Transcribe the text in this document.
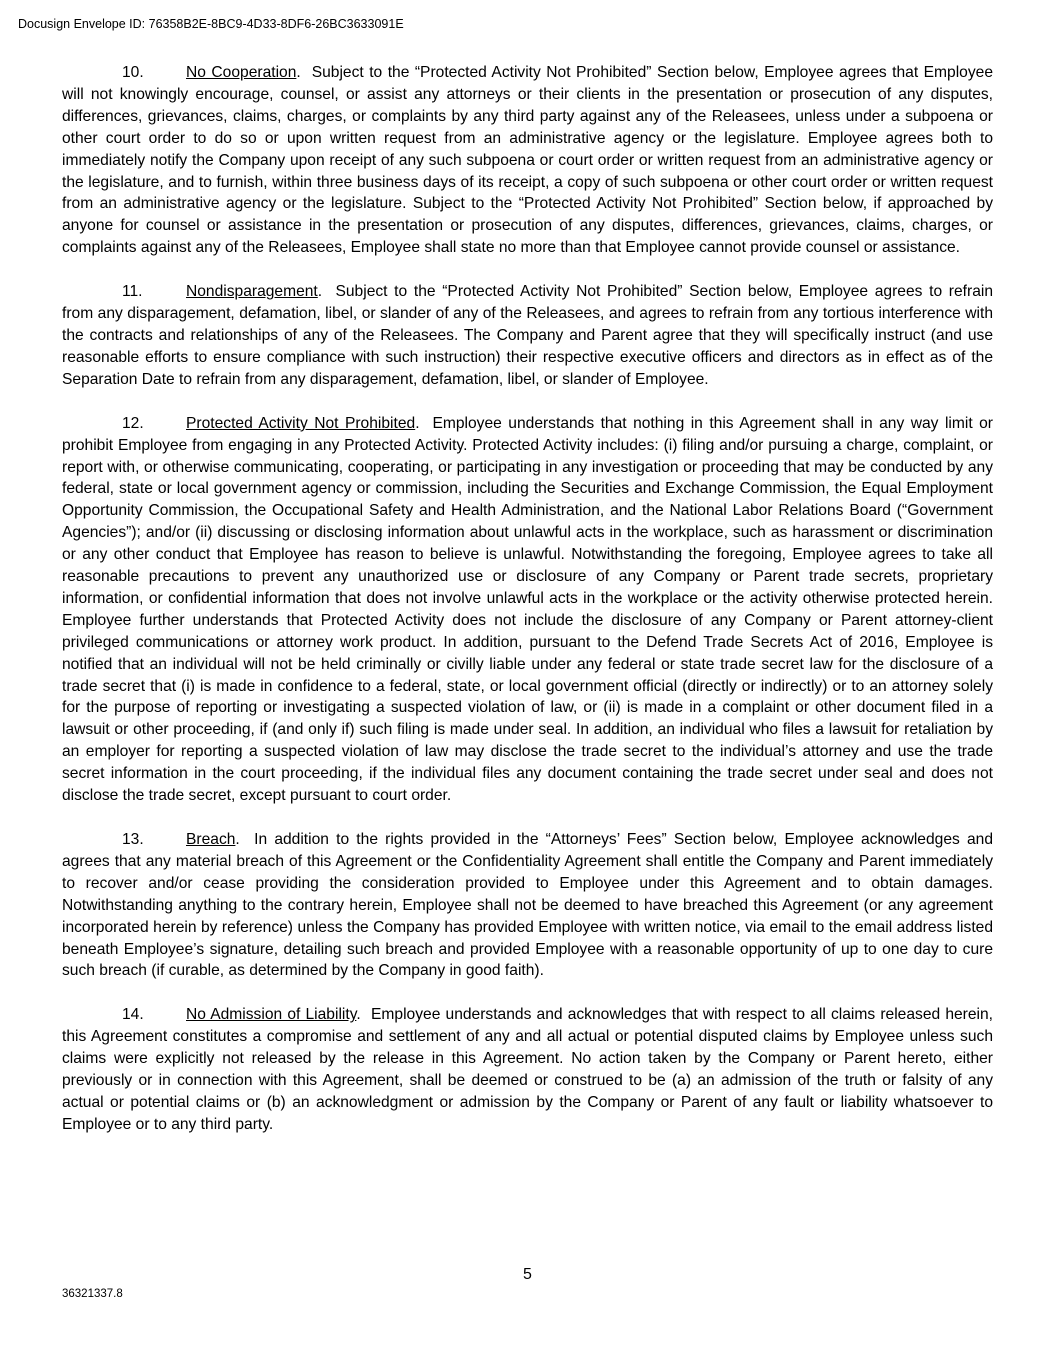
Docusign Envelope ID: 76358B2E-8BC9-4D33-8DF6-26BC3633091E

10.	No Cooperation.  Subject to the “Protected Activity Not Prohibited” Section below, Employee agrees that Employee will not knowingly encourage, counsel, or assist any attorneys or their clients in the presentation or prosecution of any disputes, differences, grievances, claims, charges, or complaints by any third party against any of the Releasees, unless under a subpoena or other court order to do so or upon written request from an administrative agency or the legislature. Employee agrees both to immediately notify the Company upon receipt of any such subpoena or court order or written request from an administrative agency or the legislature, and to furnish, within three business days of its receipt, a copy of such subpoena or other court order or written request from an administrative agency or the legislature. Subject to the “Protected Activity Not Prohibited” Section below, if approached by anyone for counsel or assistance in the presentation or prosecution of any disputes, differences, grievances, claims, charges, or complaints against any of the Releasees, Employee shall state no more than that Employee cannot provide counsel or assistance.

11.	Nondisparagement.  Subject to the “Protected Activity Not Prohibited” Section below, Employee agrees to refrain from any disparagement, defamation, libel, or slander of any of the Releasees, and agrees to refrain from any tortious interference with the contracts and relationships of any of the Releasees. The Company and Parent agree that they will specifically instruct (and use reasonable efforts to ensure compliance with such instruction) their respective executive officers and directors as in effect as of the Separation Date to refrain from any disparagement, defamation, libel, or slander of Employee.

12.	Protected Activity Not Prohibited.  Employee understands that nothing in this Agreement shall in any way limit or prohibit Employee from engaging in any Protected Activity. Protected Activity includes: (i) filing and/or pursuing a charge, complaint, or report with, or otherwise communicating, cooperating, or participating in any investigation or proceeding that may be conducted by any federal, state or local government agency or commission, including the Securities and Exchange Commission, the Equal Employment Opportunity Commission, the Occupational Safety and Health Administration, and the National Labor Relations Board (“Government Agencies”); and/or (ii) discussing or disclosing information about unlawful acts in the workplace, such as harassment or discrimination or any other conduct that Employee has reason to believe is unlawful. Notwithstanding the foregoing, Employee agrees to take all reasonable precautions to prevent any unauthorized use or disclosure of any Company or Parent trade secrets, proprietary information, or confidential information that does not involve unlawful acts in the workplace or the activity otherwise protected herein. Employee further understands that Protected Activity does not include the disclosure of any Company or Parent attorney-client privileged communications or attorney work product. In addition, pursuant to the Defend Trade Secrets Act of 2016, Employee is notified that an individual will not be held criminally or civilly liable under any federal or state trade secret law for the disclosure of a trade secret that (i) is made in confidence to a federal, state, or local government official (directly or indirectly) or to an attorney solely for the purpose of reporting or investigating a suspected violation of law, or (ii) is made in a complaint or other document filed in a lawsuit or other proceeding, if (and only if) such filing is made under seal. In addition, an individual who files a lawsuit for retaliation by an employer for reporting a suspected violation of law may disclose the trade secret to the individual’s attorney and use the trade secret information in the court proceeding, if the individual files any document containing the trade secret under seal and does not disclose the trade secret, except pursuant to court order.

13.	Breach.  In addition to the rights provided in the “Attorneys’ Fees” Section below, Employee acknowledges and agrees that any material breach of this Agreement or the Confidentiality Agreement shall entitle the Company and Parent immediately to recover and/or cease providing the consideration provided to Employee under this Agreement and to obtain damages. Notwithstanding anything to the contrary herein, Employee shall not be deemed to have breached this Agreement (or any agreement incorporated herein by reference) unless the Company has provided Employee with written notice, via email to the email address listed beneath Employee’s signature, detailing such breach and provided Employee with a reasonable opportunity of up to one day to cure such breach (if curable, as determined by the Company in good faith).

14.	No Admission of Liability.  Employee understands and acknowledges that with respect to all claims released herein, this Agreement constitutes a compromise and settlement of any and all actual or potential disputed claims by Employee unless such claims were explicitly not released by the release in this Agreement. No action taken by the Company or Parent hereto, either previously or in connection with this Agreement, shall be deemed or construed to be (a) an admission of the truth or falsity of any actual or potential claims or (b) an acknowledgment or admission by the Company or Parent of any fault or liability whatsoever to Employee or to any third party.

5
36321337.8
